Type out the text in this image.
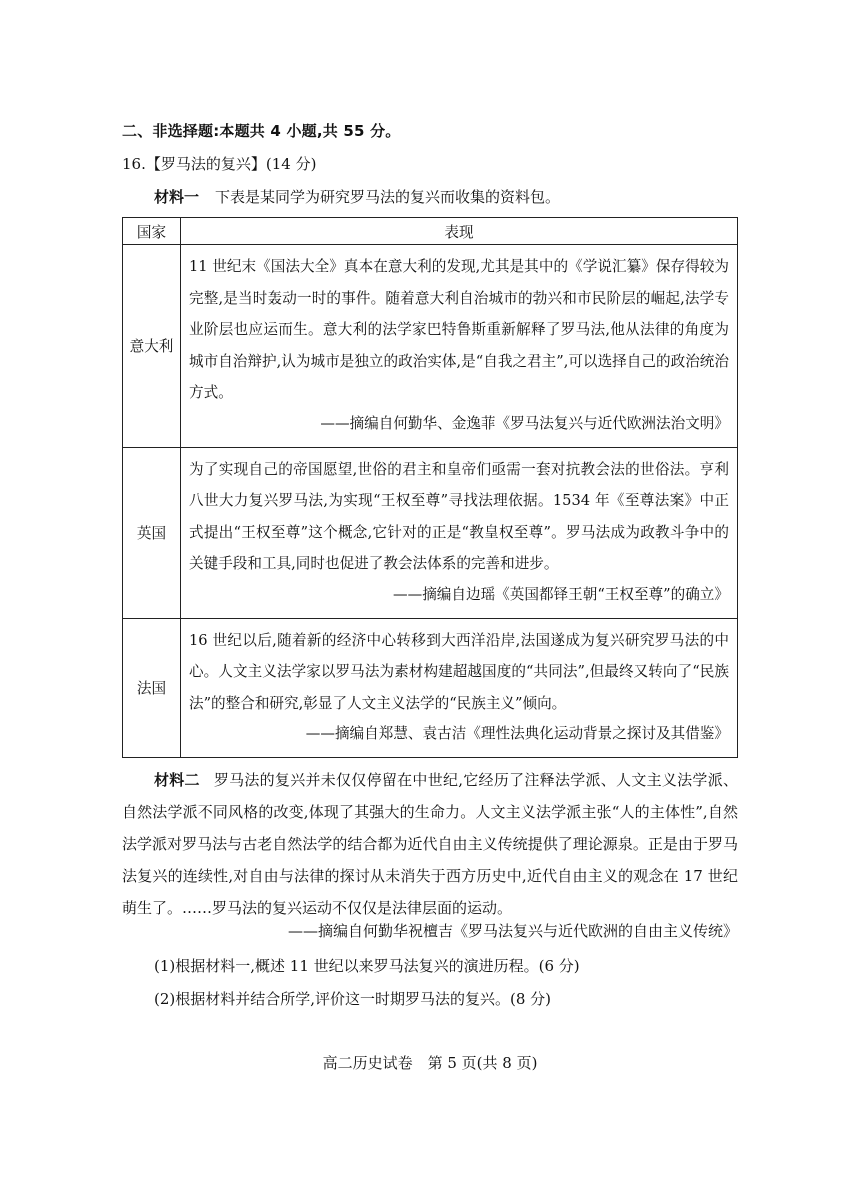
二、非选择题:本题共 4 小题,共 55 分。
16.【罗马法的复兴】(14 分)
材料一 下表是某同学为研究罗马法的复兴而收集的资料包。
国家	表现
意大利	11 世纪末《国法大全》真本在意大利的发现,尤其是其中的《学说汇纂》保存得较为完整,是当时轰动一时的事件。随着意大利自治城市的勃兴和市民阶层的崛起,法学专业阶层也应运而生。意大利的法学家巴特鲁斯重新解释了罗马法,他从法律的角度为城市自治辩护,认为城市是独立的政治实体,是“自我之君主”,可以选择自己的政治统治方式。
——摘编自何勤华、金逸菲《罗马法复兴与近代欧洲法治文明》

英国	为了实现自己的帝国愿望,世俗的君主和皇帝们亟需一套对抗教会法的世俗法。亨利八世大力复兴罗马法,为实现“王权至尊”寻找法理依据。1534 年《至尊法案》中正式提出“王权至尊”这个概念,它针对的正是“教皇权至尊”。罗马法成为政教斗争中的关键手段和工具,同时也促进了教会法体系的完善和进步。
——摘编自边瑶《英国都铎王朝“王权至尊”的确立》

法国	16 世纪以后,随着新的经济中心转移到大西洋沿岸,法国遂成为复兴研究罗马法的中心。人文主义法学家以罗马法为素材构建超越国度的“共同法”,但最终又转向了“民族法”的整合和研究,彰显了人文主义法学的“民族主义”倾向。
——摘编自郑慧、袁古洁《理性法典化运动背景之探讨及其借鉴》
材料二 罗马法的复兴并未仅仅停留在中世纪,它经历了注释法学派、人文主义法学派、自然法学派不同风格的改变,体现了其强大的生命力。人文主义法学派主张“人的主体性”,自然法学派对罗马法与古老自然法学的结合都为近代自由主义传统提供了理论源泉。正是由于罗马法复兴的连续性,对自由与法律的探讨从未消失于西方历史中,近代自由主义的观念在 17 世纪萌生了。……罗马法的复兴运动不仅仅是法律层面的运动。
——摘编自何勤华祝檀吉《罗马法复兴与近代欧洲的自由主义传统》
(1)根据材料一,概述 11 世纪以来罗马法复兴的演进历程。(6 分)
(2)根据材料并结合所学,评价这一时期罗马法的复兴。(8 分)
高二历史试卷　第 5 页(共 8 页)
